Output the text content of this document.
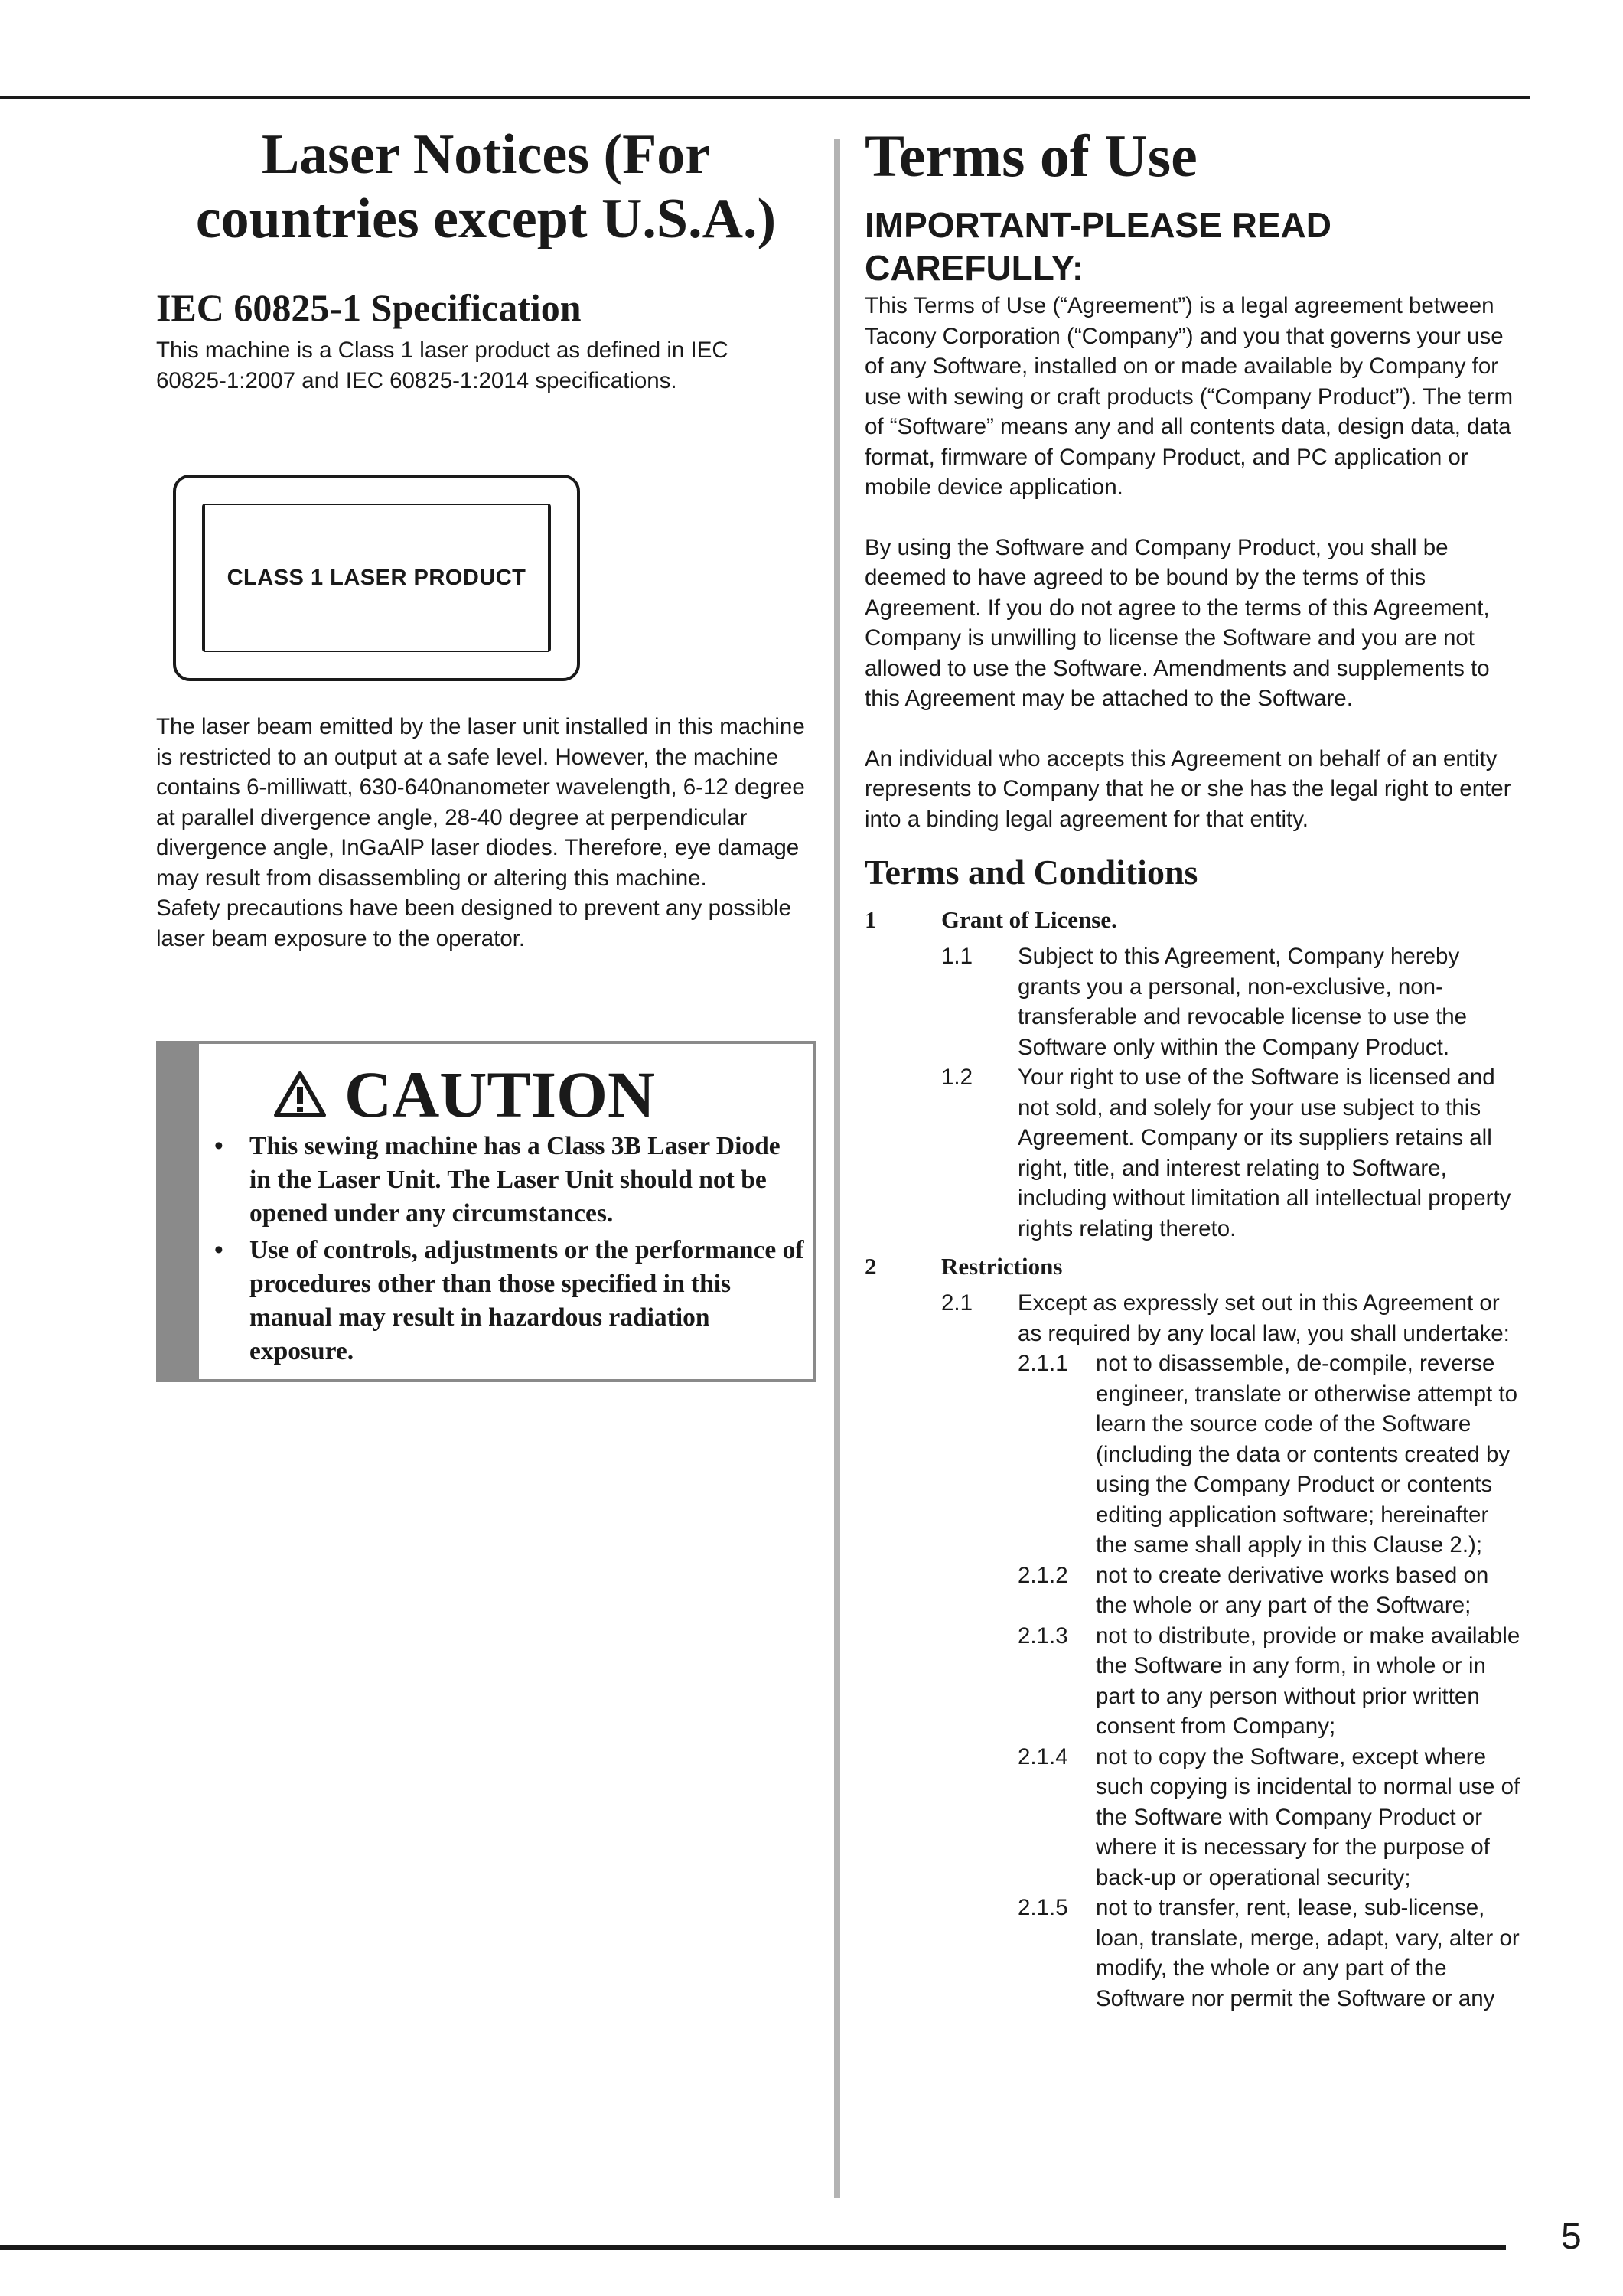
Laser Notices (For countries except U.S.A.)
IEC 60825-1 Specification

This machine is a Class 1 laser product as defined in IEC 60825-1:2007 and IEC 60825-1:2014 specifications.

CLASS 1 LASER PRODUCT

The laser beam emitted by the laser unit installed in this machine is restricted to an output at a safe level. However, the machine contains 6-milliwatt, 630-640nanometer wavelength, 6-12 degree at parallel divergence angle, 28-40 degree at perpendicular divergence angle, InGaAlP laser diodes. Therefore, eye damage may result from disassembling or altering this machine.

Safety precautions have been designed to prevent any possible laser beam exposure to the operator.

CAUTION
• This sewing machine has a Class 3B Laser Diode in the Laser Unit. The Laser Unit should not be opened under any circumstances.
• Use of controls, adjustments or the performance of procedures other than those specified in this manual may result in hazardous radiation exposure.
Terms of Use
IMPORTANT-PLEASE READ CAREFULLY:

This Terms of Use (“Agreement”) is a legal agreement between Tacony Corporation (“Company”) and you that governs your use of any Software, installed on or made available by Company for use with sewing or craft products (“Company Product”). The term of “Software” means any and all contents data, design data, data format, firmware of Company Product, and PC application or mobile device application.

By using the Software and Company Product, you shall be deemed to have agreed to be bound by the terms of this Agreement. If you do not agree to the terms of this Agreement, Company is unwilling to license the Software and you are not allowed to use the Software. Amendments and supplements to this Agreement may be attached to the Software.

An individual who accepts this Agreement on behalf of an entity represents to Company that he or she has the legal right to enter into a binding legal agreement for that entity.

Terms and Conditions
1	Grant of License.
1.1	Subject to this Agreement, Company hereby grants you a personal, non-exclusive, non-transferable and revocable license to use the Software only within the Company Product.
1.2	Your right to use of the Software is licensed and not sold, and solely for your use subject to this Agreement. Company or its suppliers retains all right, title, and interest relating to Software, including without limitation all intellectual property rights relating thereto.
2	Restrictions
2.1	Except as expressly set out in this Agreement or as required by any local law, you shall undertake:
2.1.1	not to disassemble, de-compile, reverse engineer, translate or otherwise attempt to learn the source code of the Software (including the data or contents created by using the Company Product or contents editing application software; hereinafter the same shall apply in this Clause 2.);
2.1.2	not to create derivative works based on the whole or any part of the Software;
2.1.3	not to distribute, provide or make available the Software in any form, in whole or in part to any person without prior written consent from Company;
2.1.4	not to copy the Software, except where such copying is incidental to normal use of the Software with Company Product or where it is necessary for the purpose of back-up or operational security;
2.1.5	not to transfer, rent, lease, sub-license, loan, translate, merge, adapt, vary, alter or modify, the whole or any part of the Software nor permit the Software or any
5
